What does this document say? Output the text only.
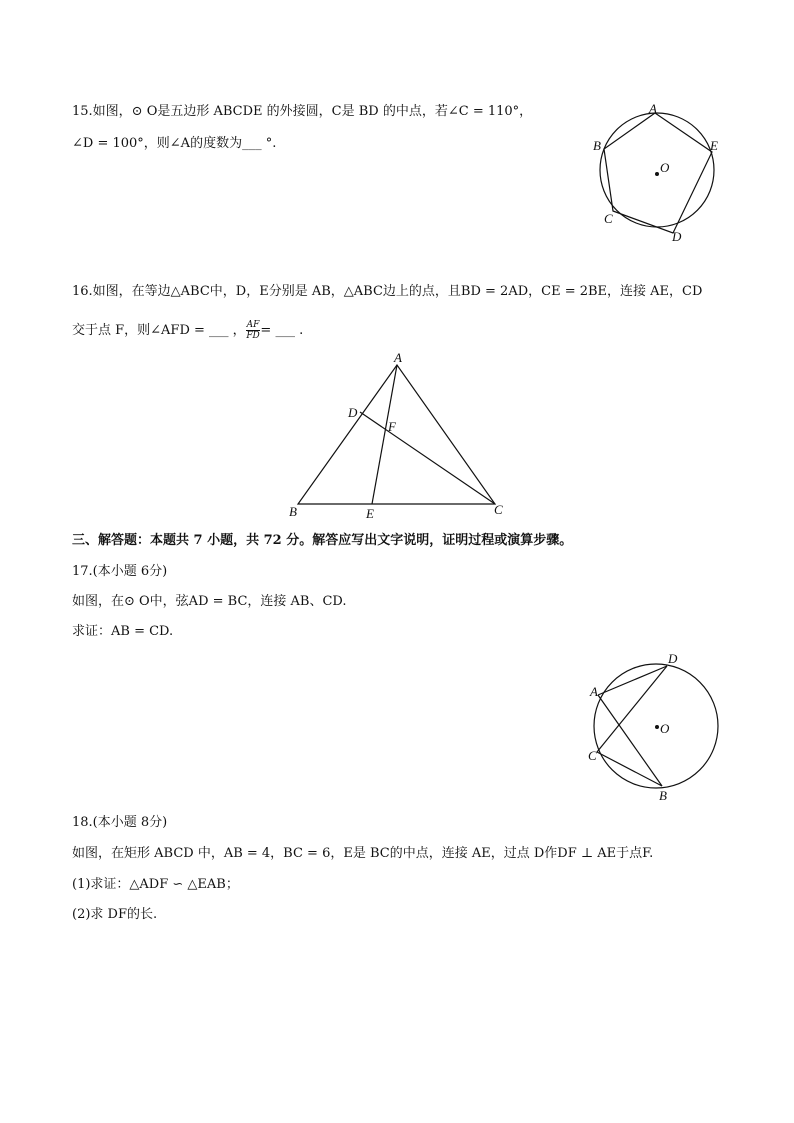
15.如图，⊙ O是五边形 ABCDE 的外接圆，C是 BD 的中点，若∠C = 110°，
∠D = 100°，则∠A的度数为___ °.
A
B	E
C
D
O
16.如图，在等边△ABC中，D，E分别是 AB，△ABC边上的点，且BD = 2AD，CE = 2BE，连接 AE，CD
交于点 F，则∠AFD = ___ ， $\frac{AF}{FD}$ = ___ .
A
D
F
B	E	C
三、解答题：本题共 7 小题，共 72 分。解答应写出文字说明，证明过程或演算步骤。
17.(本小题 6分)
如图，在⊙ O中，弦AD = BC，连接 AB、CD.
求证：AB = CD.
D
A
C
B
O
18.(本小题 8分)
如图，在矩形 ABCD 中，AB = 4，BC = 6，E是 BC的中点，连接 AE，过点 D作DF ⊥ AE于点F.
(1)求证：△ADF ∽ △EAB；
(2)求 DF的长.
